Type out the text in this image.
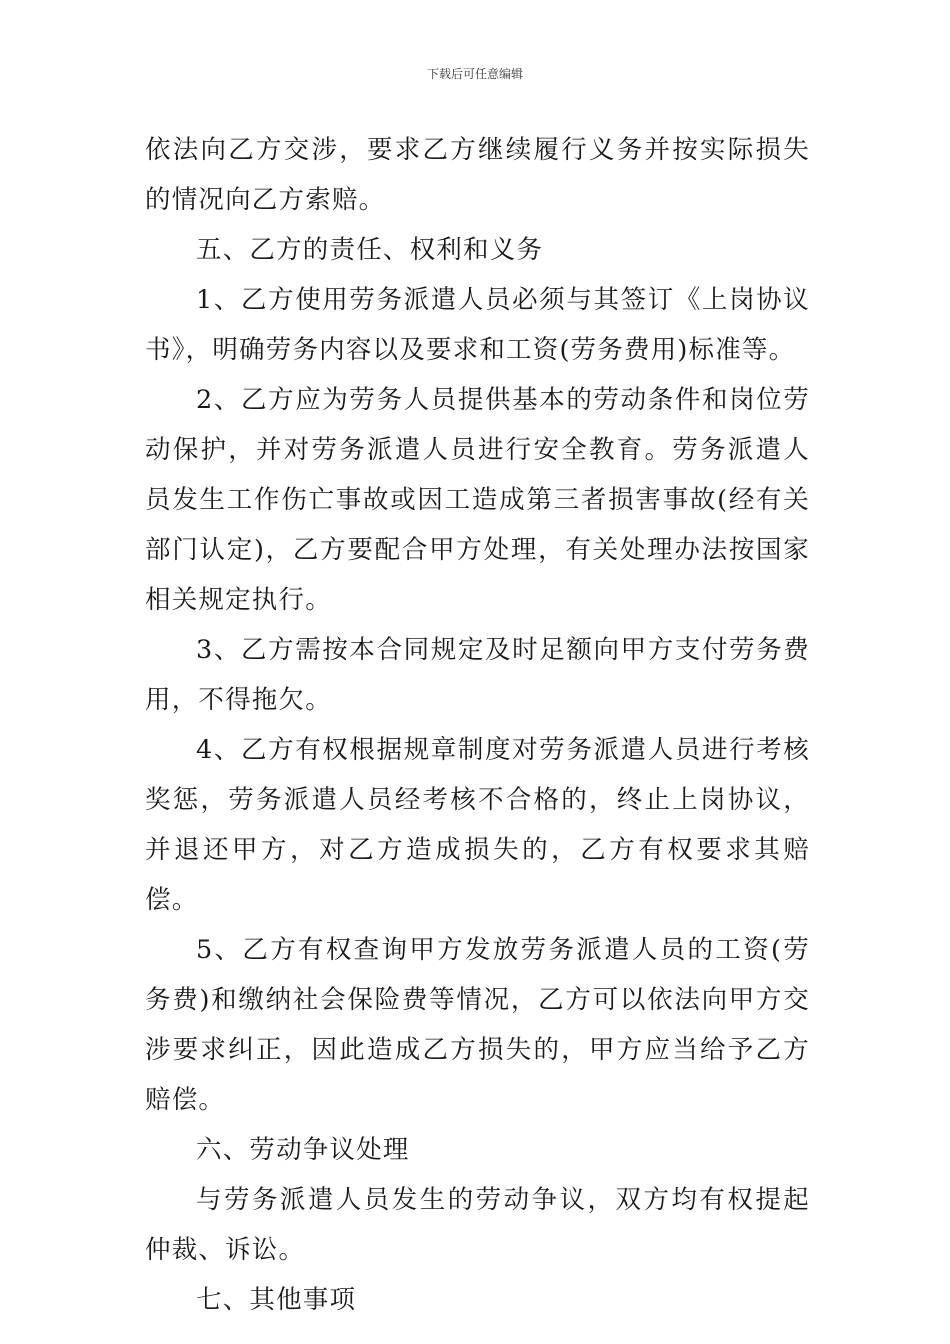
下载后可任意编辑

依法向乙方交涉，要求乙方继续履行义务并按实际损失的情况向乙方索赔。

五、乙方的责任、权利和义务

1、乙方使用劳务派遣人员必须与其签订《上岗协议书》，明确劳务内容以及要求和工资(劳务费用)标准等。

2、乙方应为劳务人员提供基本的劳动条件和岗位劳动保护，并对劳务派遣人员进行安全教育。劳务派遣人员发生工作伤亡事故或因工造成第三者损害事故(经有关部门认定)，乙方要配合甲方处理，有关处理办法按国家相关规定执行。

3、乙方需按本合同规定及时足额向甲方支付劳务费用，不得拖欠。

4、乙方有权根据规章制度对劳务派遣人员进行考核奖惩，劳务派遣人员经考核不合格的，终止上岗协议，并退还甲方，对乙方造成损失的，乙方有权要求其赔偿。

5、乙方有权查询甲方发放劳务派遣人员的工资(劳务费)和缴纳社会保险费等情况，乙方可以依法向甲方交涉要求纠正，因此造成乙方损失的，甲方应当给予乙方赔偿。

六、劳动争议处理

与劳务派遣人员发生的劳动争议，双方均有权提起仲裁、诉讼。

七、其他事项
